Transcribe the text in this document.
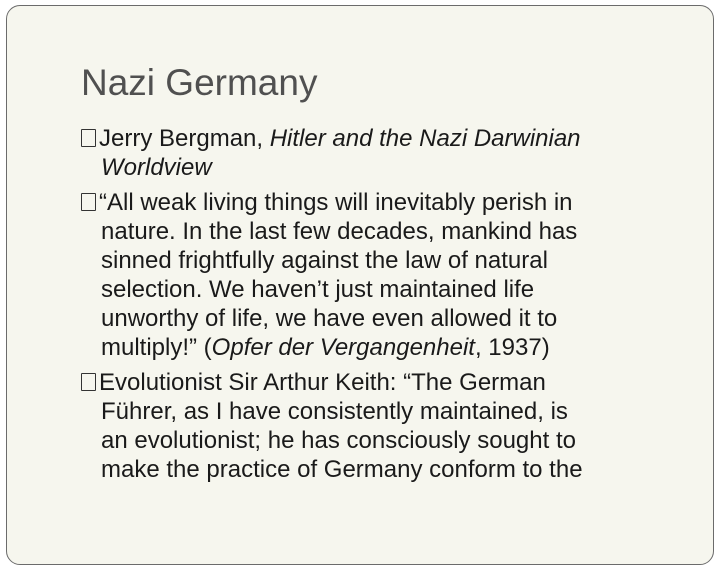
Nazi Germany
Jerry Bergman, Hitler and the Nazi Darwinian
Worldview
“All weak living things will inevitably perish in
nature. In the last few decades, mankind has
sinned frightfully against the law of natural
selection. We haven’t just maintained life
unworthy of life, we have even allowed it to
multiply!” (Opfer der Vergangenheit, 1937)
Evolutionist Sir Arthur Keith: “The German
Führer, as I have consistently maintained, is
an evolutionist; he has consciously sought to
make the practice of Germany conform to the
